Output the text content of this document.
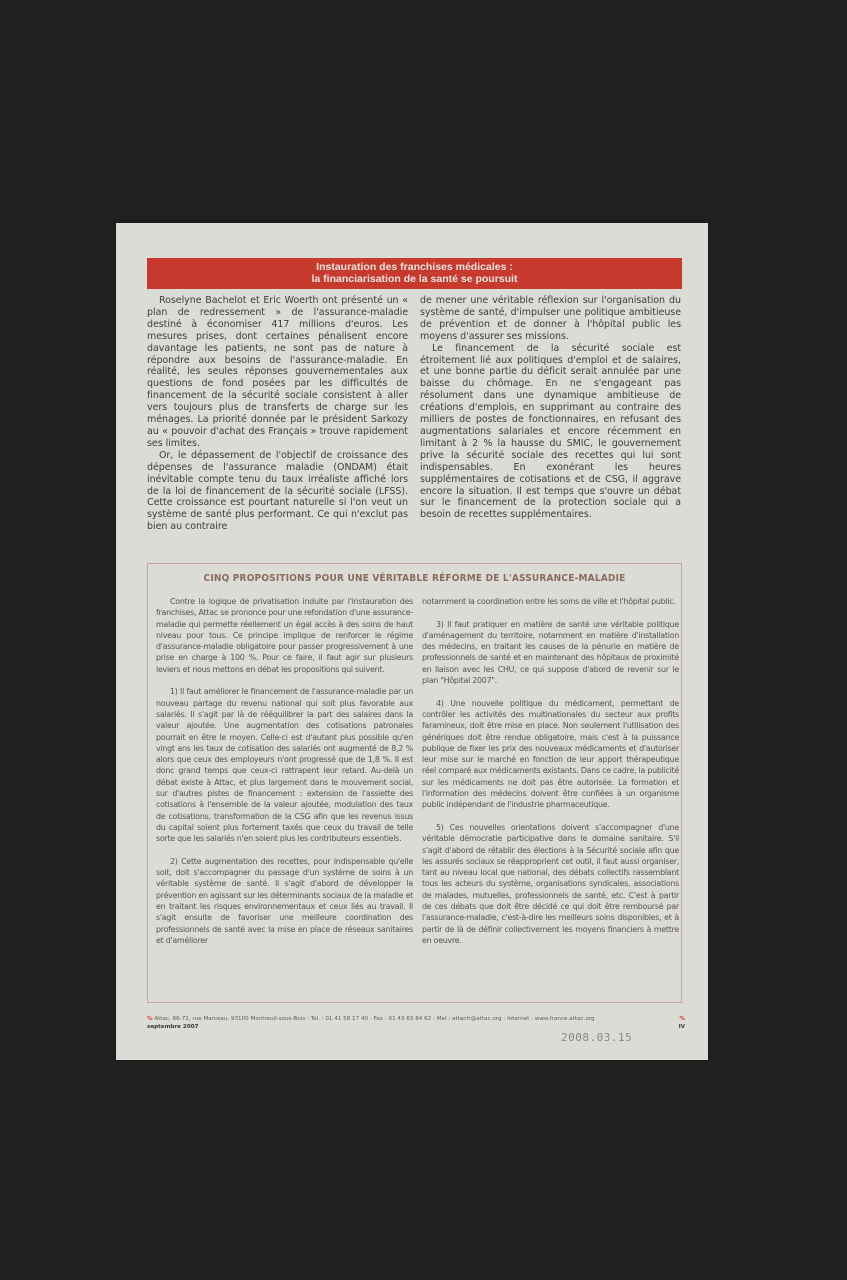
Instauration des franchises médicales :
la financiarisation de la santé se poursuit

Roselyne Bachelot et Eric Woerth ont présenté un « plan de redressement » de l'assurance-maladie destiné à économiser 417 millions d'euros. Les mesures prises, dont certaines pénalisent encore davantage les patients, ne sont pas de nature à répondre aux besoins de l'assurance-maladie. En réalité, les seules réponses gouvernementales aux questions de fond posées par les difficultés de financement de la sécurité sociale consistent à aller vers toujours plus de transferts de charge sur les ménages. La priorité donnée par le président Sarkozy au « pouvoir d'achat des Français » trouve rapidement ses limites.

Or, le dépassement de l'objectif de croissance des dépenses de l'assurance maladie (ONDAM) était inévitable compte tenu du taux irréaliste affiché lors de la loi de financement de la sécurité sociale (LFSS). Cette croissance est pourtant naturelle si l'on veut un système de santé plus performant. Ce qui n'exclut pas bien au contraire

de mener une véritable réflexion sur l'organisation du système de santé, d'impulser une politique ambitieuse de prévention et de donner à l'hôpital public les moyens d'assurer ses missions.

Le financement de la sécurité sociale est étroitement lié aux politiques d'emploi et de salaires, et une bonne partie du déficit serait annulée par une baisse du chômage. En ne s'engageant pas résolument dans une dynamique ambitieuse de créations d'emplois, en supprimant au contraire des milliers de postes de fonctionnaires, en refusant des augmentations salariales et encore récemment en limitant à 2 % la hausse du SMIC, le gouvernement prive la sécurité sociale des recettes qui lui sont indispensables. En exonérant les heures supplémentaires de cotisations et de CSG, il aggrave encore la situation. Il est temps que s'ouvre un débat sur le financement de la protection sociale qui a besoin de recettes supplémentaires.

CINQ PROPOSITIONS POUR UNE VÉRITABLE RÉFORME DE L'ASSURANCE-MALADIE

Contre la logique de privatisation induite par l'instauration des franchises, Attac se prononce pour une refondation d'une assurance-maladie qui permette réellement un égal accès à des soins de haut niveau pour tous. Ce principe implique de renforcer le régime d'assurance-maladie obligatoire pour passer progressivement à une prise en charge à 100 %. Pour ce faire, il faut agir sur plusieurs leviers et nous mettons en débat les propositions qui suivent.

1) Il faut améliorer le financement de l'assurance-maladie par un nouveau partage du revenu national qui soit plus favorable aux salariés. Il s'agit par là de rééquilibrer la part des salaires dans la valeur ajoutée. Une augmentation des cotisations patronales pourrait en être le moyen. Celle-ci est d'autant plus possible qu'en vingt ans les taux de cotisation des salariés ont augmenté de 8,2 % alors que ceux des employeurs n'ont progressé que de 1,8 %. Il est donc grand temps que ceux-ci rattrapent leur retard. Au-delà un débat existe à Attac, et plus largement dans le mouvement social, sur d'autres pistes de financement : extension de l'assiette des cotisations à l'ensemble de la valeur ajoutée, modulation des taux de cotisations, transformation de la CSG afin que les revenus issus du capital soient plus fortement taxés que ceux du travail de telle sorte que les salariés n'en soient plus les contributeurs essentiels.

2) Cette augmentation des recettes, pour indispensable qu'elle soit, doit s'accompagner du passage d'un système de soins à un véritable système de santé. Il s'agit d'abord de développer la prévention en agissant sur les déterminants sociaux de la maladie et en traitant les risques environnementaux et ceux liés au travail. Il s'agit ensuite de favoriser une meilleure coordination des professionnels de santé avec la mise en place de réseaux sanitaires et d'améliorer

notamment la coordination entre les soins de ville et l'hôpital public.

3) Il faut pratiquer en matière de santé une véritable politique d'aménagement du territoire, notamment en matière d'installation des médecins, en traitant les causes de la pénurie en matière de professionnels de santé et en maintenant des hôpitaux de proximité en liaison avec les CHU, ce qui suppose d'abord de revenir sur le plan "Hôpital 2007".

4) Une nouvelle politique du médicament, permettant de contrôler les activités des multinationales du secteur aux profits faramineux, doit être mise en place. Non seulement l'utilisation des génériques doit être rendue obligatoire, mais c'est à la puissance publique de fixer les prix des nouveaux médicaments et d'autoriser leur mise sur le marché en fonction de leur apport thérapeutique réel comparé aux médicaments existants. Dans ce cadre, la publicité sur les médicaments ne doit pas être autorisée. La formation et l'information des médecins doivent être confiées à un organisme public indépendant de l'industrie pharmaceutique.

5) Ces nouvelles orientations doivent s'accompagner d'une véritable démocratie participative dans le domaine sanitaire. S'il s'agit d'abord de rétablir des élections à la Sécurité sociale afin que les assurés sociaux se réapproprient cet outil, il faut aussi organiser, tant au niveau local que national, des débats collectifs rassemblant tous les acteurs du système, organisations syndicales, associations de malades, mutuelles, professionnels de santé, etc. C'est à partir de ces débats que doit être décidé ce qui doit être remboursé par l'assurance-maladie, c'est-à-dire les meilleurs soins disponibles, et à partir de là de définir collectivement les moyens financiers à mettre en oeuvre.

% Attac, 66-72, rue Marceau, 93100 Montreuil-sous-Bois - Tél. : 01 41 58 17 40 - Fax : 01 43 63 84 62 - Mel : attacfr@attac.org - Internet : www.france.attac.org	%
septembre 2007	IV
2008.03.15
